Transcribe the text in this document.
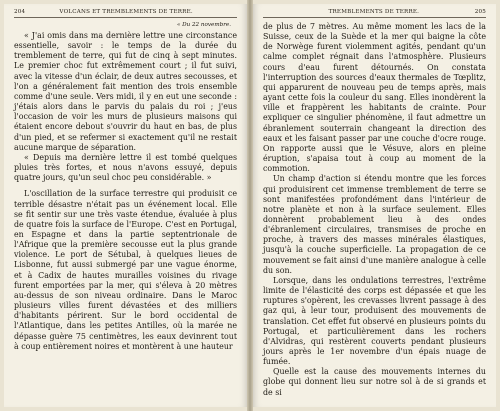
204	VOLCANS ET TREMBLEMENTS DE TERRE.
« Du 22 novembre.

« J'ai omis dans ma dernière lettre une circonstance essentielle, savoir : le temps de la durée du tremblement de terre, qui fut de cinq à sept minutes. Le premier choc fut extrêmement court ; il fut suivi, avec la vitesse d'un éclair, de deux autres secousses, et l'on a généralement fait mention des trois ensemble comme d'une seule. Vers midi, il y en eut une seconde : j'étais alors dans le parvis du palais du roi ; j'eus l'occasion de voir les murs de plusieurs maisons qui étaient encore debout s'ouvrir du haut en bas, de plus d'un pied, et se refermer si exactement qu'il ne restait aucune marque de séparation.

« Depuis ma dernière lettre il est tombé quelques pluies très fortes, et nous n'avons essuyé, depuis quatre jours, qu'un seul choc peu considérable. »

L'oscillation de la surface terrestre qui produisit ce terrible désastre n'était pas un événement local. Elle se fit sentir sur une très vaste étendue, évaluée à plus de quatre fois la surface de l'Europe. C'est en Portugal, en Espagne et dans la partie septentrionale de l'Afrique que la première secousse eut la plus grande violence. Le port de Sétubal, à quelques lieues de Lisbonne, fut aussi submergé par une vague énorme, et à Cadix de hautes murailles voisines du rivage furent emportées par la mer, qui s'éleva à 20 mètres au-dessus de son niveau ordinaire. Dans le Maroc plusieurs villes furent dévastées et des milliers d'habitants périrent. Sur le bord occidental de l'Atlantique, dans les petites Antilles, où la marée ne dépasse guère 75 centimètres, les eaux devinrent tout à coup entièrement noires et montèrent à une hauteur

TREMBLEMENTS DE TERRE.	205

de plus de 7 mètres. Au même moment les lacs de la Suisse, ceux de la Suède et la mer qui baigne la côte de Norwège furent violemment agités, pendant qu'un calme complet régnait dans l'atmosphère. Plusieurs cours d'eau furent détournés. On constata l'interruption des sources d'eaux thermales de Tœplitz, qui apparurent de nouveau peu de temps après, mais ayant cette fois la couleur du sang. Elles inondèrent la ville et frappèrent les habitants de crainte. Pour expliquer ce singulier phénomène, il faut admettre un ébranlement souterrain changeant la direction des eaux et les faisant passer par une couche d'ocre rouge. On rapporte aussi que le Vésuve, alors en pleine éruption, s'apaisa tout à coup au moment de la commotion.

Un champ d'action si étendu montre que les forces qui produisirent cet immense tremblement de terre se sont manifestées profondément dans l'intérieur de notre planète et non à la surface seulement. Elles donnèrent probablement lieu à des ondes d'ébranlement circulaires, transmises de proche en proche, à travers des masses minérales élastiques, jusqu'à la couche superficielle. La propagation de ce mouvement se fait ainsi d'une manière analogue à celle du son.

Lorsque, dans les ondulations terrestres, l'extrême limite de l'élasticité des corps est dépassée et que les ruptures s'opèrent, les crevasses livrent passage à des gaz qui, à leur tour, produisent des mouvements de translation. Cet effet fut observé en plusieurs points du Portugal, et particulièrement dans les rochers d'Alvidras, qui restèrent couverts pendant plusieurs jours après le 1er novembre d'un épais nuage de fumée.

Quelle est la cause des mouvements internes du globe qui donnent lieu sur notre sol à de si grands et de si
